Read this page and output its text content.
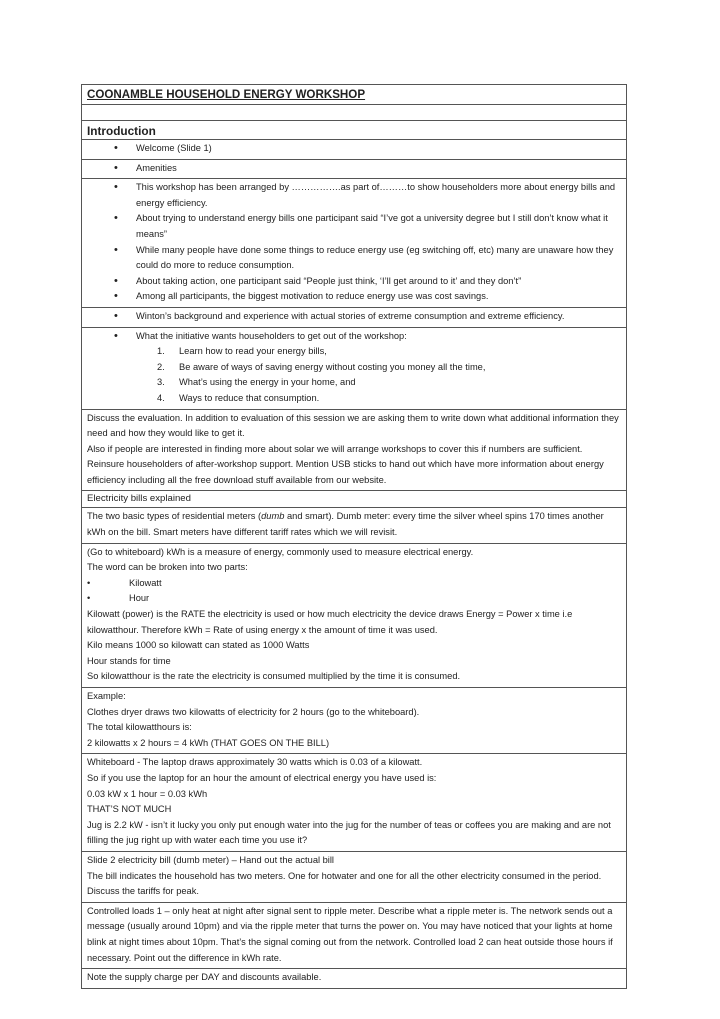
COONAMBLE HOUSEHOLD ENERGY WORKSHOP

Introduction

• Welcome (Slide 1)

• Amenities

• This workshop has been arranged by …………….as part of………to show householders more about energy bills and energy efficiency.
• About trying to understand energy bills one participant said “I’ve got a university degree but I still don’t know what it means”
• While many people have done some things to reduce energy use (eg switching off, etc) many are unaware how they could do more to reduce consumption.
• About taking action, one participant said “People just think, ‘I’ll get around to it’ and they don’t”
• Among all participants, the biggest motivation to reduce energy use was cost savings.

• Winton’s background and experience with actual stories of extreme consumption and extreme efficiency.

• What the initiative wants householders to get out of the workshop:
1. Learn how to read your energy bills,
2. Be aware of ways of saving energy without costing you money all the time,
3. What’s using the energy in your home, and
4. Ways to reduce that consumption.

Discuss the evaluation. In addition to evaluation of this session we are asking them to write down what additional information they need and how they would like to get it.
Also if people are interested in finding more about solar we will arrange workshops to cover this if numbers are sufficient. Reinsure householders of after-workshop support. Mention USB sticks to hand out which have more information about energy efficiency including all the free download stuff available from our website.

Electricity bills explained
The two basic types of residential meters (dumb and smart). Dumb meter: every time the silver wheel spins 170 times another kWh on the bill. Smart meters have different tariff rates which we will revisit.

(Go to whiteboard) kWh is a measure of energy, commonly used to measure electrical energy.
The word can be broken into two parts:
•	Kilowatt
•	Hour
Kilowatt (power) is the RATE the electricity is used or how much electricity the device draws Energy = Power x time i.e kilowatthour. Therefore kWh = Rate of using energy x the amount of time it was used.
Kilo means 1000 so kilowatt can stated as 1000 Watts
Hour stands for time
So kilowatthour is the rate the electricity is consumed multiplied by the time it is consumed.

Example:
Clothes dryer draws two kilowatts of electricity for 2 hours (go to the whiteboard).
The total kilowatthours is:
2 kilowatts x 2 hours = 4 kWh (THAT GOES ON THE BILL)

Whiteboard - The laptop draws approximately 30 watts which is 0.03 of a kilowatt.
So if you use the laptop for an hour the amount of electrical energy you have used is:
0.03 kW x 1 hour = 0.03 kWh
THAT’S NOT MUCH
Jug is 2.2 kW - isn’t it lucky you only put enough water into the jug for the number of teas or coffees you are making and are not filling the jug right up with water each time you use it?

Slide 2 electricity bill (dumb meter) – Hand out the actual bill
The bill indicates the household has two meters. One for hotwater and one for all the other electricity consumed in the period. Discuss the tariffs for peak.

Controlled loads 1 – only heat at night after signal sent to ripple meter. Describe what a ripple meter is. The network sends out a message (usually around 10pm) and via the ripple meter that turns the power on. You may have noticed that your lights at home blink at night times about 10pm. That’s the signal coming out from the network. Controlled load 2 can heat outside those hours if necessary. Point out the difference in kWh rate.

Note the supply charge per DAY and discounts available.
